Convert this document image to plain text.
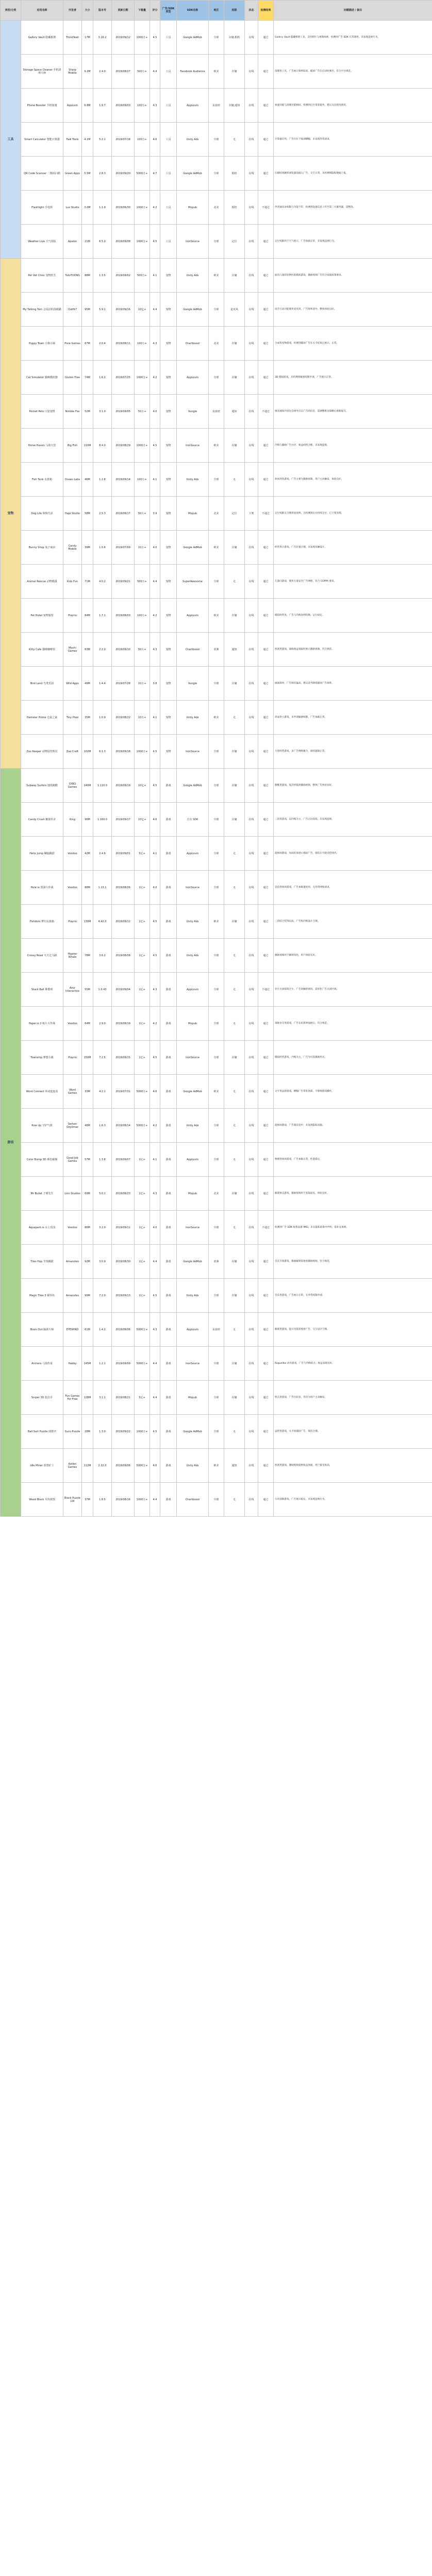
类别/分类	应用名称	开发者	大小	版本号	更新日期	下载量	评分	广告/SDK
类型	SDK名称	地区	权限	状态	检测结果	问题描述 / 备注
工具	Gallery Vault 隐藏相册	ThinkYeah	17M	3.16.2	2019/09/12	1000万+	4.5	工具	Google AdMob	全球	存储,相机	在线	通过	Gallery Vault 隐藏相册工具，支持照片与视频加密，检测到广告 SDK 正常调用，未发现违规行为。
	Storage Space Cleaner 手机清理大师	Sharp Mobile	9.2M	2.4.0	2019/08/27	500万+	4.4	工具	Facebook Audience	欧美	存储	在线	通过	清理类工具，广告展示频率较高，插屏广告在启动时弹出，符合平台规范。
	Phone Booster 手机加速	AppLock	6.8M	1.9.7	2019/09/03	100万+	4.3	工具	AppLovin	东南亚	存储,通知	在线	通过	加速功能与清理功能相同，检测到后台常驻服务，建议关注耗电情况。
	Smart Calculator 智能计算器	Fadi Tools	4.1M	5.2.1	2019/07/18	100万+	4.6	工具	Unity Ads	全球	无	在线	通过	计算器应用，广告位位于底部横幅，未发现异常请求。
	QR Code Scanner 二维码扫描	Green Apps	5.5M	2.8.3	2019/09/20	5000万+	4.7	工具	Google AdMob	全球	相机	在线	通过	扫描结果跳转浏览器前插入广告，交互正常，未检测到隐私数据上报。
	Flashlight 手电筒	Lux Studio	3.0M	1.1.9	2019/06/30	1000万+	4.2	工具	Mopub	北美	相机	在线	不通过	申请通讯录权限与功能不符，检测到设备信息上传至第三方服务器，需整改。
	Weather Live 天气预报	Apalon	21M	6.5.0	2019/09/08	1000万+	4.5	工具	IronSource	全球	定位	在线	通过	定位权限用于天气展示，广告加载正常，未发现违规行为。
宠物	Pet Vet Clinic 宠物医生	TutoTOONS	88M	1.3.5	2019/09/02	500万+	4.1	宠物	Unity Ads	欧美	存储	在线	通过	面向儿童的宠物医院模拟游戏，激励视频广告符合家庭政策要求。
	My Talking Tom 会说话的汤姆猫	Outfit7	95M	5.9.1	2019/09/16	10亿+	4.4	宠物	Google AdMob	全球	麦克风	在线	通过	语音互动功能使用麦克风，广告频率适中，整体体验良好。
	Puppy Town 小狗小镇	Pixie Games	67M	2.0.4	2019/08/11	100万+	4.3	宠物	Chartboost	北美	存储	在线	通过	合成类宠物游戏，检测到插屏广告在关卡结束后展示，正常。
	Cat Simulator 猫咪模拟器	Gluten Free	74M	1.6.2	2019/07/25	1000万+	4.2	宠物	AppLovin	全球	存储	在线	通过	3D 模拟游戏，未检测到敏感权限申请，广告展示正常。
	Pocket Pets 口袋宠物	Nimble Fox	52M	3.1.0	2019/09/05	50万+	4.0	宠物	Vungle	东南亚	通知	在线	不通过	推送通知内容包含诱导点击广告的信息，需调整推送策略后重新提交。
	Horse Haven 马场天堂	Big Fish	110M	8.4.0	2019/08/29	1000万+	4.5	宠物	IronSource	欧美	存储	在线	通过	内购与激励广告并存，收益结构合理，未发现违规。
	Fish Tank 水族箱	Ocean Labs	46M	1.2.8	2019/09/14	100万+	4.1	宠物	Unity Ads	全球	无	在线	通过	休闲养鱼游戏，广告主要为激励视频，用户主动触发，体验良好。
	Dog Life 狗狗生活	Hapi Studio	58M	2.5.3	2019/08/17	50万+	3.9	宠物	Mopub	北美	定位	下架	不通过	定位权限无合理用途说明，且检测到后台持续定位，已下架处理。
	Bunny Shop 兔子商店	Candy Mobile	39M	1.0.6	2019/07/09	10万+	4.0	宠物	Google AdMob	欧美	存储	在线	通过	经营类小游戏，广告位置合理，未发现误触设计。
	Animal Rescue 动物救援	Kids Fun	71M	4.0.2	2019/09/21	500万+	4.4	宠物	SuperAwesome	全球	无	在线	通过	儿童向游戏，使用儿童安全广告网络，符合 COPPA 要求。
	Pet Hotel 宠物旅馆	Playrix	84M	1.7.1	2019/08/03	100万+	4.2	宠物	AppLovin	欧美	存储	在线	通过	模拟经营类，广告与内购比例均衡，运行稳定。
	Kitty Cafe 猫咪咖啡馆	Mochi Games	63M	2.2.0	2019/09/10	50万+	4.3	宠物	Chartboost	亚洲	通知	在线	通过	放置类游戏，离线收益领取时展示激励视频，符合规范。
	Bird Land 鸟类乐园	Wild Apps	49M	1.4.4	2019/07/28	10万+	3.8	宠物	Vungle	全球	存储	在线	通过	画面简单，广告频次偏高，建议适当降低插屏广告频率。
	Hamster Home 仓鼠之家	Tiny Pixel	35M	1.0.9	2019/08/22	10万+	4.1	宠物	Unity Ads	欧美	无	在线	通过	养成类小游戏，未申请敏感权限，广告加载正常。
	Zoo Keeper 动物园管理员	Zoo Craft	102M	6.1.3	2019/09/18	1000万+	4.5	宠物	IronSource	全球	存储	在线	通过	大型经营游戏，多广告网络聚合，调用逻辑正常。
游戏	Subway Surfers 地铁跑酷	SYBO Games	140M	1.110.0	2019/09/19	10亿+	4.5	游戏	Google AdMob	全球	存储	在线	通过	跑酷类游戏，复活时提供激励视频，整体广告体验良好。
	Candy Crush 糖果传奇	King	96M	1.160.0	2019/09/17	10亿+	4.6	游戏	自有 SDK	全球	存储	在线	通过	三消类游戏，以内购为主，广告占比较低，未发现违规。
	Helix Jump 螺旋跳跃	Voodoo	42M	2.4.6	2019/09/01	5亿+	4.1	游戏	AppLovin	全球	无	在线	通过	超休闲游戏，每局结束展示插屏广告，频次在可接受范围内。
	Hole.io 黑洞大作战	Voodoo	88M	1.13.1	2019/08/26	1亿+	4.0	游戏	IronSource	全球	无	在线	通过	竞技类休闲游戏，广告加载速度快，无异常网络请求。
	Fishdom 梦幻水族箱	Playrix	130M	4.42.0	2019/09/12	1亿+	4.5	游戏	Unity Ads	欧美	存储	在线	通过	三消结合装饰玩法，广告和内购设计合理。
	Crossy Road 天天过马路	Hipster Whale	78M	3.6.2	2019/08/08	1亿+	4.5	游戏	Unity Ads	全球	无	在线	通过	激励视频用于解锁角色，用户体验友好。
	Stack Ball 堆叠球	Azur Interactive	55M	1.0.43	2019/09/04	1亿+	4.3	游戏	AppLovin	全球	无	在线	不通过	存在关闭按钮过小、广告误触的情况，需优化广告关闭区域。
	Paper.io 2 纸片大作战	Voodoo	64M	2.9.0	2019/08/19	1亿+	4.2	游戏	Mopub	全球	无	在线	通过	领地争夺类游戏，广告在结算界面展示，符合规范。
	Township 梦想小镇	Playrix	150M	7.2.5	2019/09/15	1亿+	4.5	游戏	IronSource	全球	存储	在线	通过	模拟经营游戏，内购为主，广告为可选激励形式。
	Word Connect 单词连连看	Word Games	33M	4.2.1	2019/07/31	5000万+	4.6	游戏	Google AdMob	欧美	无	在线	通过	文字类益智游戏，横幅广告常驻底部，不影响游戏操作。
	Rise Up 守护气球	Serkan Ozyilmaz	48M	1.6.3	2019/08/14	5000万+	4.2	游戏	Unity Ads	全球	无	在线	通过	超休闲游戏，广告频次适中，未发现隐私问题。
	Color Bump 3D 颜色碰撞	Good Job Games	57M	1.3.8	2019/09/07	1亿+	4.1	游戏	AppLovin	全球	无	在线	通过	物理类休闲游戏，广告加载正常，性能稳定。
	Mr Bullet 子弹先生	Lion Studios	69M	5.0.1	2019/08/23	1亿+	4.3	游戏	Mopub	北美	存储	在线	通过	解谜射击游戏，激励视频用于获取道具，体验良好。
	Aquapark.io 水上乐园	Voodoo	86M	3.2.0	2019/09/11	1亿+	4.0	游戏	IronSource	全球	无	在线	不通过	检测到广告 SDK 收集设备 IMEI，未在隐私政策中声明，需补充说明。
	Tiles Hop 节奏跳跃	Amanotes	92M	3.0.9	2019/08/30	1亿+	4.4	游戏	Google AdMob	亚洲	存储	在线	通过	音乐节奏游戏，歌曲解锁需观看激励视频，符合规范。
	Magic Tiles 3 钢琴块	Amanotes	99M	7.2.0	2019/09/13	1亿+	4.5	游戏	Unity Ads	全球	存储	在线	通过	音乐类游戏，广告展示正常，无异常权限申请。
	Brain Out 脑洞大师	EYEWIND	61M	1.4.2	2019/08/06	5000万+	4.3	游戏	AppLovin	东南亚	无	在线	通过	解谜类游戏，提示功能需观看广告，交互设计合理。
	Archero 弓箭传说	Habby	145M	1.2.1	2019/09/09	5000万+	4.4	游戏	IronSource	全球	存储	在线	通过	Roguelike 动作游戏，广告与内购结合，收益表现良好。
	Sniper 3D 狙击手	Fun Games For Free	128M	3.1.1	2019/08/21	5亿+	4.4	游戏	Mopub	全球	存储	在线	通过	射击类游戏，广告位较多，但均为用户主动触发。
	Ball Sort Puzzle 球排序	Guru Puzzle	28M	1.3.0	2019/09/22	1000万+	4.5	游戏	Google AdMob	全球	无	在线	通过	益智类游戏，关卡间插屏广告，频次合理。
	Idle Miner 放置矿工	Kolibri Games	112M	2.32.0	2019/09/06	5000万+	4.6	游戏	Unity Ads	欧美	通知	在线	通过	放置类游戏，激励视频提供收益加速，用户接受度高。
	Wood Block 木块拼图	Block Puzzle Ltd	37M	1.8.5	2019/08/16	1000万+	4.4	游戏	Chartboost	全球	无	在线	通过	方块消除游戏，广告展示稳定，未发现违规行为。
